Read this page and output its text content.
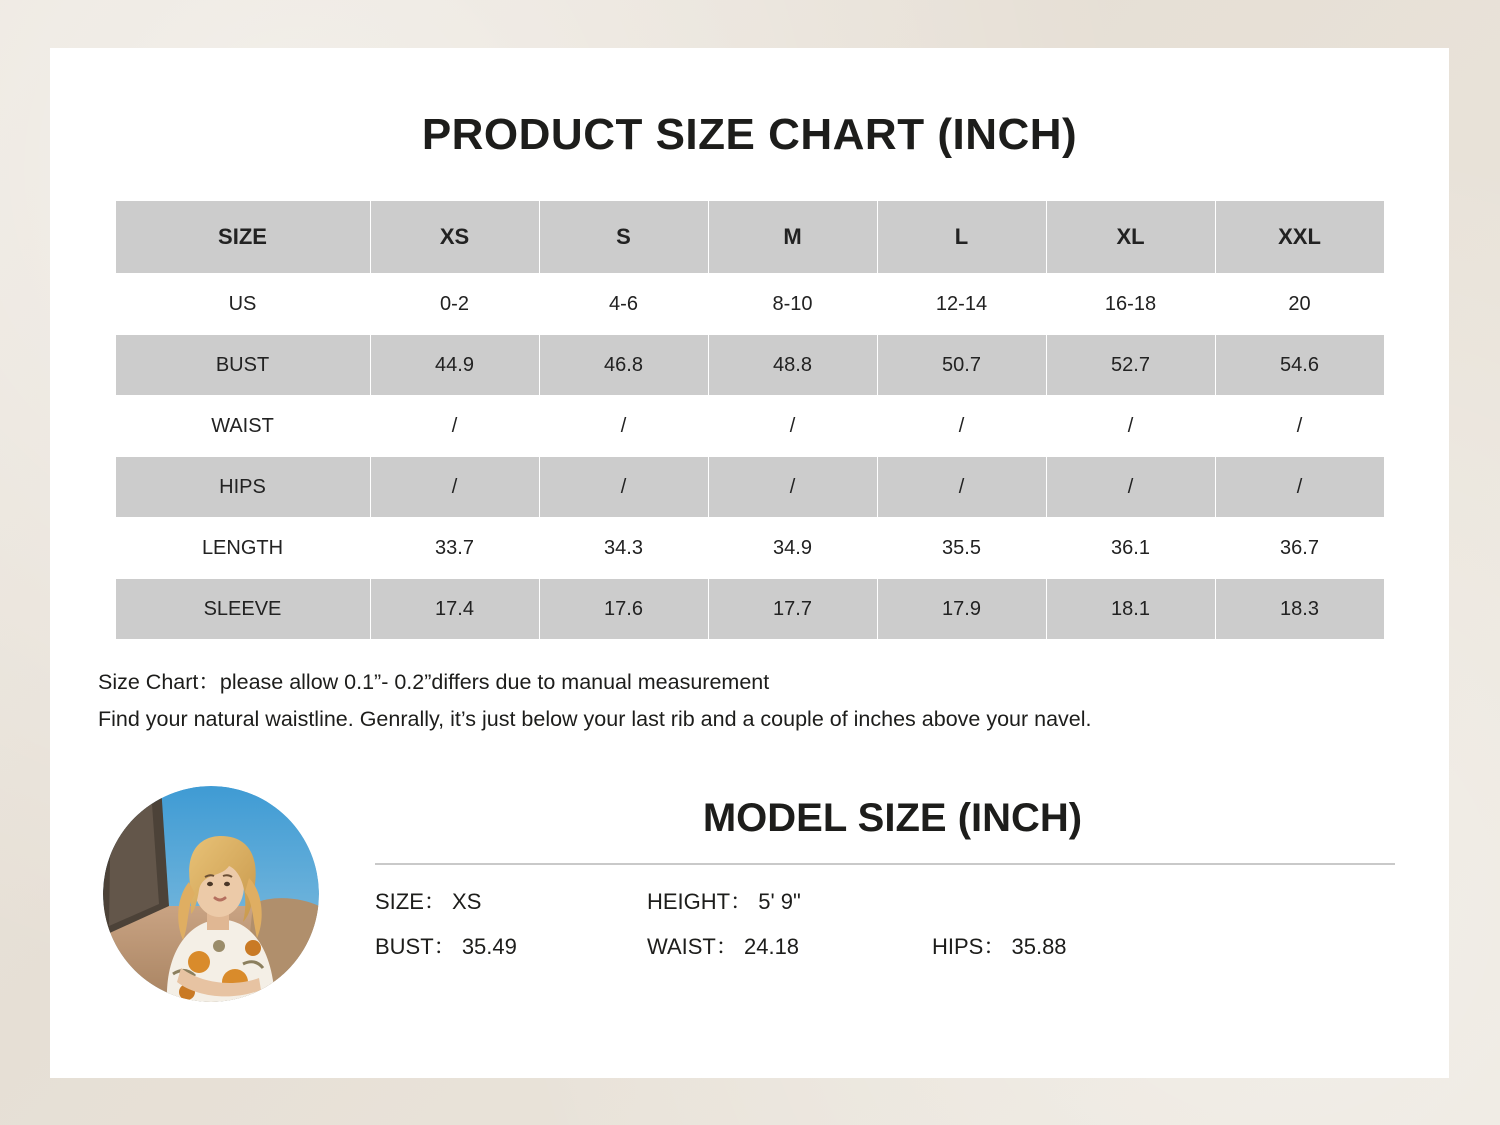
PRODUCT SIZE CHART (INCH)
SIZE	XS	S	M	L	XL	XXL
US	0-2	4-6	8-10	12-14	16-18	20
BUST	44.9	46.8	48.8	50.7	52.7	54.6
WAIST	/	/	/	/	/	/
HIPS	/	/	/	/	/	/
LENGTH	33.7	34.3	34.9	35.5	36.1	36.7
SLEEVE	17.4	17.6	17.7	17.9	18.1	18.3
Size Chart：please allow 0.1”- 0.2”differs due to manual measurement
Find your natural waistline. Genrally, it’s just below your last rib and a couple of inches above your navel.
MODEL SIZE (INCH)
SIZE： XS	HEIGHT： 5' 9"
BUST： 35.49	WAIST： 24.18	HIPS： 35.88
